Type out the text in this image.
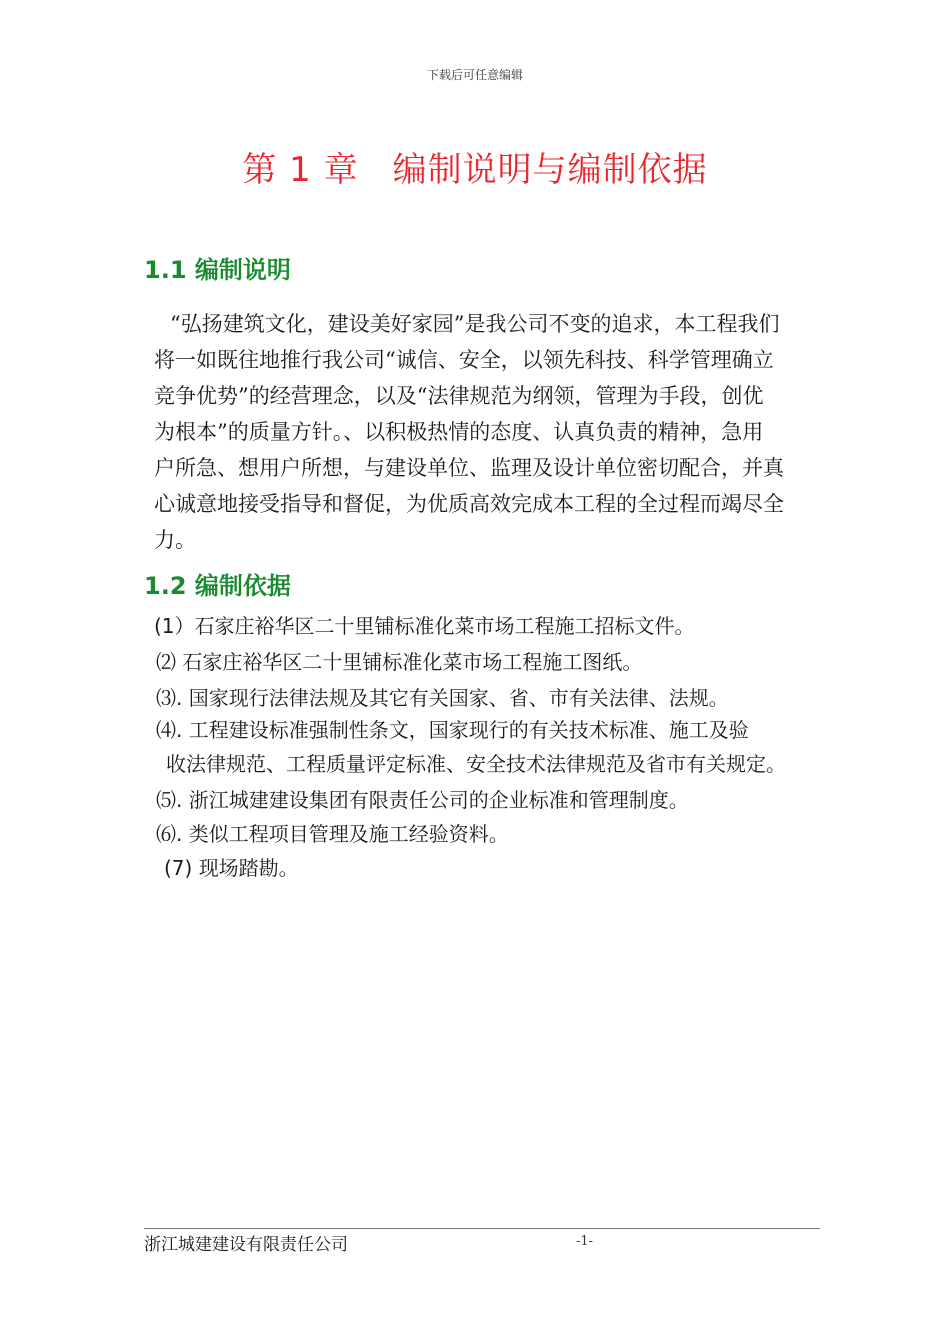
下载后可任意编辑
第 1 章 编制说明与编制依据
1.1 编制说明
“弘扬建筑文化，建设美好家园”是我公司不变的追求，本工程我们
将一如既往地推行我公司“诚信、安全，以领先科技、科学管理确立
竞争优势”的经营理念，以及“法律规范为纲领，管理为手段，创优
为根本”的质量方针。、以积极热情的态度、认真负责的精神，急用
户所急、想用户所想，与建设单位、监理及设计单位密切配合，并真
心诚意地接受指导和督促，为优质高效完成本工程的全过程而竭尽全
力。
1.2 编制依据
(1）石家庄裕华区二十里铺标准化菜市场工程施工招标文件。
⑵ 石家庄裕华区二十里铺标准化菜市场工程施工图纸。
⑶. 国家现行法律法规及其它有关国家、省、市有关法律、法规。
⑷. 工程建设标准强制性条文，国家现行的有关技术标准、施工及验
收法律规范、工程质量评定标准、安全技术法律规范及省市有关规定。
⑸. 浙江城建建设集团有限责任公司的企业标准和管理制度。
⑹. 类似工程项目管理及施工经验资料。
(7) 现场踏勘。
浙江城建建设有限责任公司	-1-
